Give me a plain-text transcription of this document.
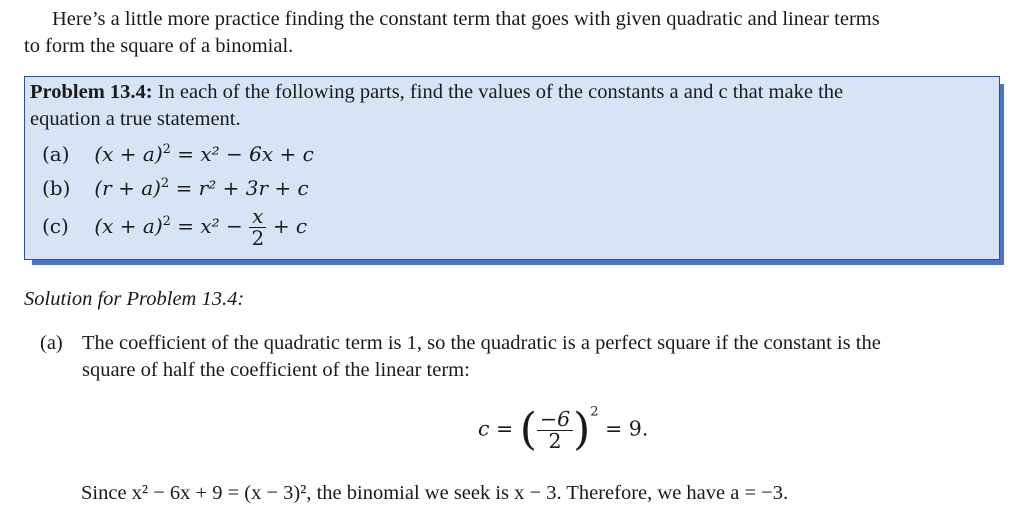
Here’s a little more practice finding the constant term that goes with given quadratic and linear terms
to form the square of a binomial.
Problem 13.4: In each of the following parts, find the values of the constants a and c that make the
equation a true statement.
(a) $(x + a)^2 = x^2 - 6x + c$
(b) $(r + a)^2 = r^2 + 3r + c$
(c) $(x + a)^2 = x^2 - \frac{x}{2} + c$
Solution for Problem 13.4:
(a) The coefficient of the quadratic term is 1, so the quadratic is a perfect square if the constant is the
square of half the coefficient of the linear term:
c = ( $\frac{-6}{2} )^2 = 9$.
Since x² − 6x + 9 = (x − 3)², the binomial we seek is x − 3. Therefore, we have a = −3.
